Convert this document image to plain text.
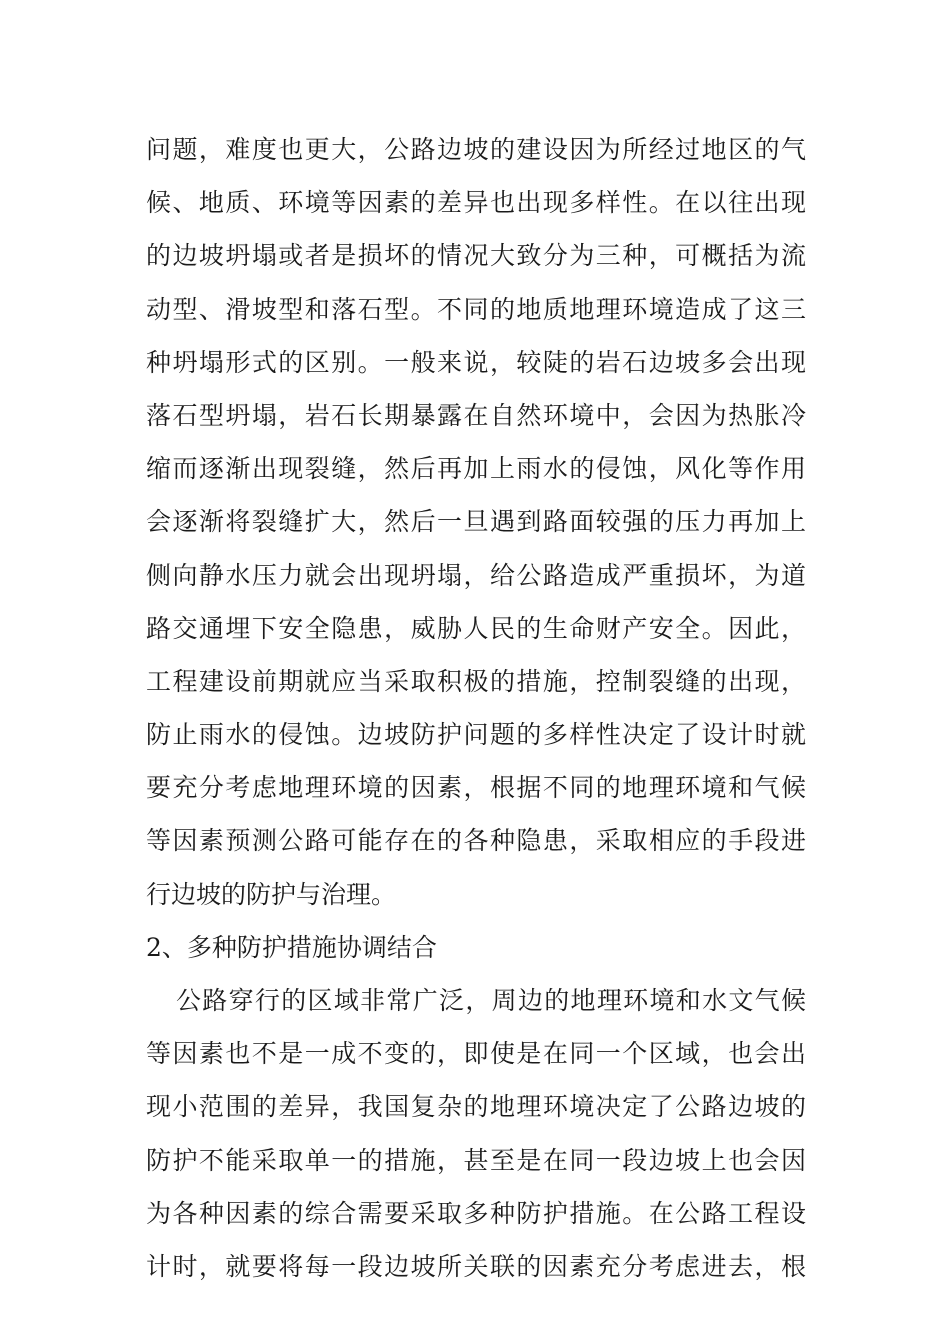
问题，难度也更大，公路边坡的建设因为所经过地区的气
候、地质、环境等因素的差异也出现多样性。在以往出现
的边坡坍塌或者是损坏的情况大致分为三种，可概括为流
动型、滑坡型和落石型。不同的地质地理环境造成了这三
种坍塌形式的区别。一般来说，较陡的岩石边坡多会出现
落石型坍塌，岩石长期暴露在自然环境中，会因为热胀冷
缩而逐渐出现裂缝，然后再加上雨水的侵蚀，风化等作用
会逐渐将裂缝扩大，然后一旦遇到路面较强的压力再加上
侧向静水压力就会出现坍塌，给公路造成严重损坏，为道
路交通埋下安全隐患，威胁人民的生命财产安全。因此，
工程建设前期就应当采取积极的措施，控制裂缝的出现，
防止雨水的侵蚀。边坡防护问题的多样性决定了设计时就
要充分考虑地理环境的因素，根据不同的地理环境和气候
等因素预测公路可能存在的各种隐患，采取相应的手段进
行边坡的防护与治理。
2、多种防护措施协调结合
公路穿行的区域非常广泛，周边的地理环境和水文气候
等因素也不是一成不变的，即使是在同一个区域，也会出
现小范围的差异，我国复杂的地理环境决定了公路边坡的
防护不能采取单一的措施，甚至是在同一段边坡上也会因
为各种因素的综合需要采取多种防护措施。在公路工程设
计时，就要将每一段边坡所关联的因素充分考虑进去，根
